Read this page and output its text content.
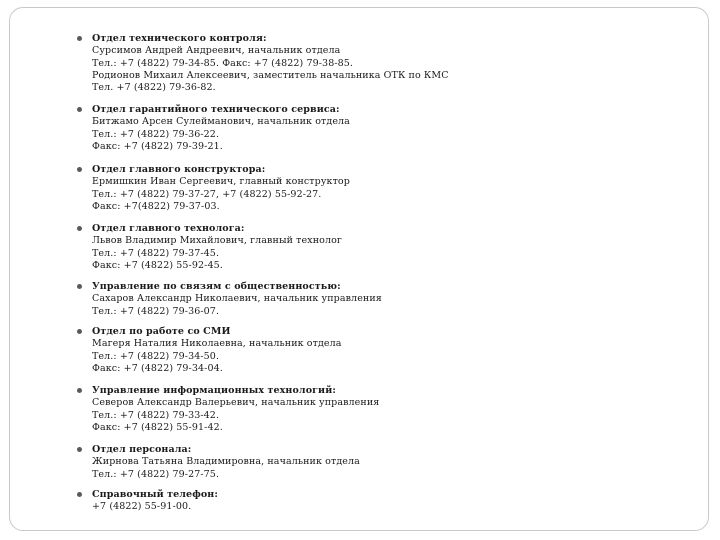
Отдел технического контроля:
Сурсимов Андрей Андреевич, начальник отдела
Тел.: +7 (4822) 79-34-85. Факс: +7 (4822) 79-38-85.
Родионов Михаил Алексеевич, заместитель начальника ОТК по КМС
Тел. +7 (4822) 79-36-82.
Отдел гарантийного технического сервиса:
Битжамо Арсен Сулейманович, начальник отдела
Тел.: +7 (4822) 79-36-22.
Факс: +7 (4822) 79-39-21.
Отдел главного конструктора:
Ермишкин Иван Сергеевич, главный конструктор
Тел.: +7 (4822) 79-37-27, +7 (4822) 55-92-27.
Факс: +7(4822) 79-37-03.
Отдел главного технолога:
Львов Владимир Михайлович, главный технолог
Тел.: +7 (4822) 79-37-45.
Факс: +7 (4822) 55-92-45.
Управление по связям с общественностью:
Сахаров Александр Николаевич, начальник управления
Тел.: +7 (4822) 79-36-07.
Отдел по работе со СМИ
Магеря Наталия Николаевна, начальник отдела
Тел.: +7 (4822) 79-34-50.
Факс: +7 (4822) 79-34-04.
Управление информационных технологий:
Северов Александр Валерьевич, начальник управления
Тел.: +7 (4822) 79-33-42.
Факс: +7 (4822) 55-91-42.
Отдел персонала:
Жирнова Татьяна Владимировна, начальник отдела
Тел.: +7 (4822) 79-27-75.
Справочный телефон:
+7 (4822) 55-91-00.
